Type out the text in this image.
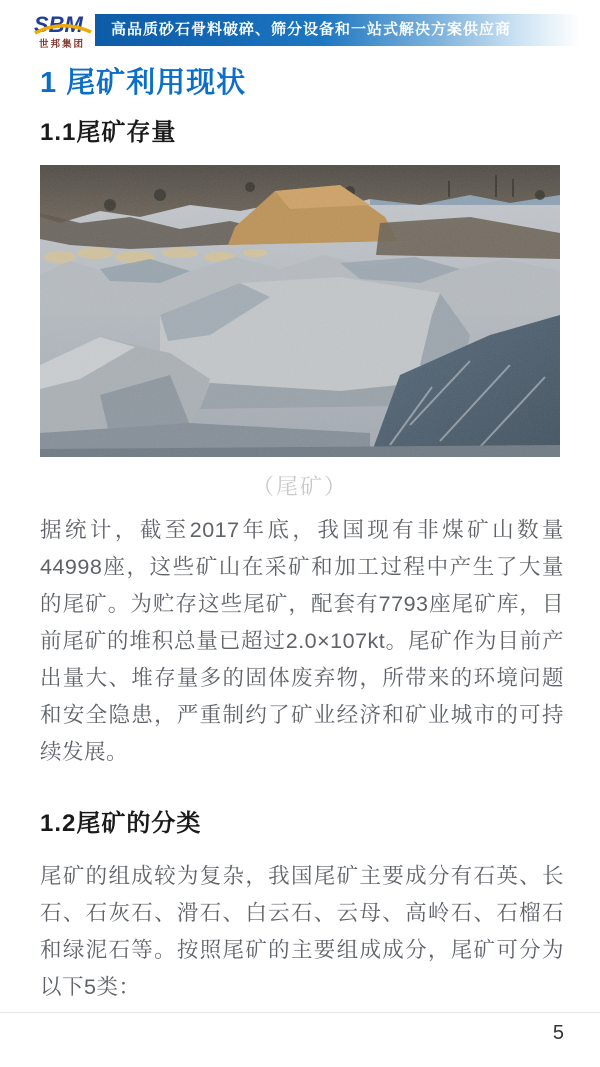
SBM
世邦集团
高品质砂石骨料破碎、筛分设备和一站式解决方案供应商
1 尾矿利用现状
1.1尾矿存量
（尾矿）
据统计，截至2017年底，我国现有非煤矿山数量44998座，这些矿山在采矿和加工过程中产生了大量的尾矿。为贮存这些尾矿，配套有7793座尾矿库，目前尾矿的堆积总量已超过2.0×107kt。尾矿作为目前产出量大、堆存量多的固体废弃物，所带来的环境问题和安全隐患，严重制约了矿业经济和矿业城市的可持续发展。
1.2尾矿的分类
尾矿的组成较为复杂，我国尾矿主要成分有石英、长石、石灰石、滑石、白云石、云母、高岭石、石榴石和绿泥石等。按照尾矿的主要组成成分，尾矿可分为以下5类：
5
